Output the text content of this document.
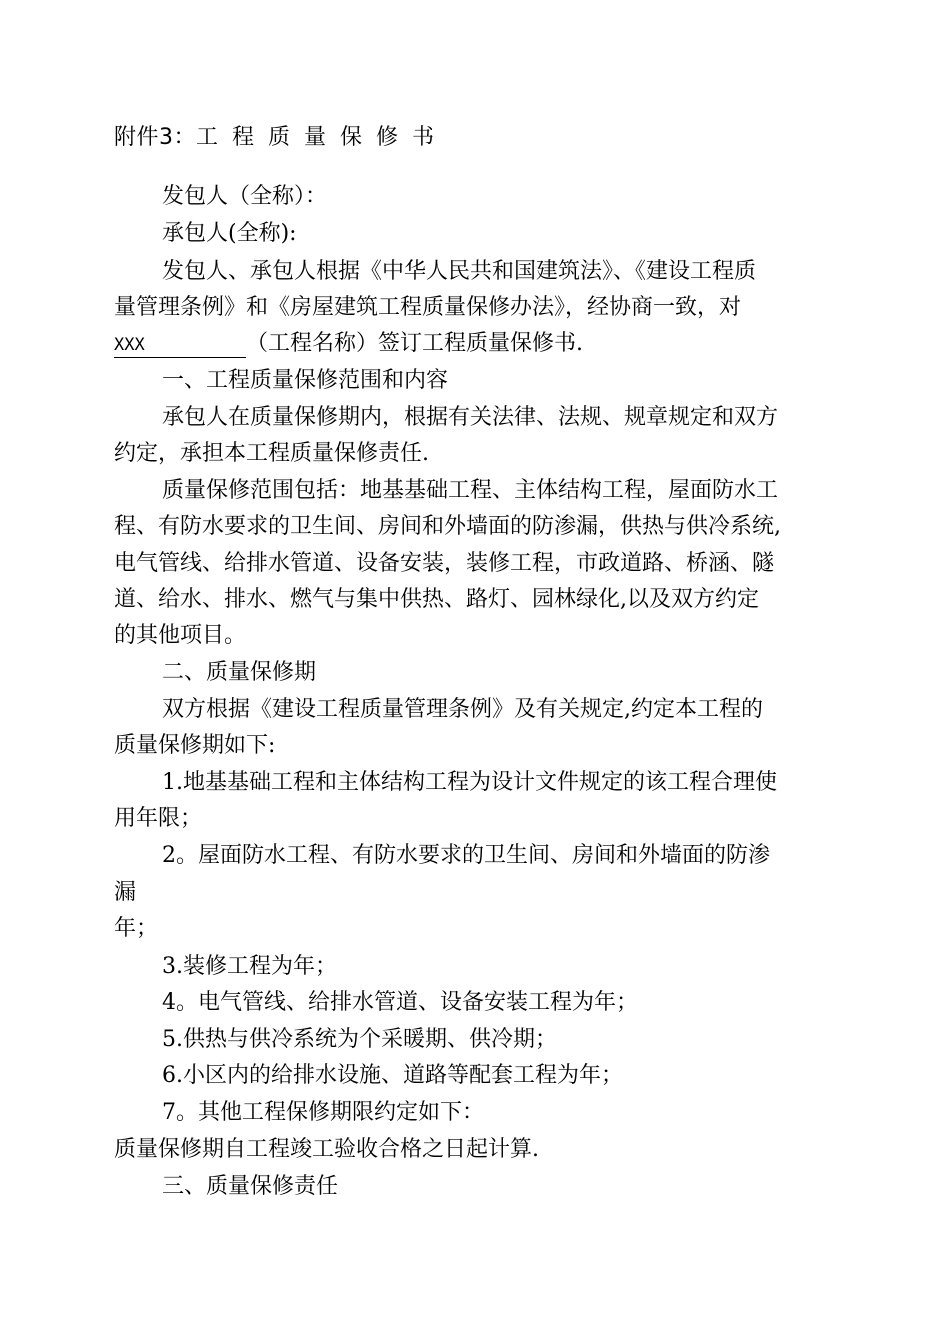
附件3：工程质量保修书
发包人（全称）：
承包人(全称):
发包人、承包人根据《中华人民共和国建筑法》、《建设工程质
量管理条例》和《房屋建筑工程质量保修办法》，经协商一致，对
XXX	（工程名称）签订工程质量保修书.
一、工程质量保修范围和内容
承包人在质量保修期内，根据有关法律、法规、规章规定和双方
约定，承担本工程质量保修责任.
质量保修范围包括：地基基础工程、主体结构工程，屋面防水工
程、有防水要求的卫生间、房间和外墙面的防渗漏，供热与供冷系统,
电气管线、给排水管道、设备安装，装修工程，市政道路、桥涵、隧
道、给水、排水、燃气与集中供热、路灯、园林绿化,以及双方约定
的其他项目。
二、质量保修期
双方根据《建设工程质量管理条例》及有关规定,约定本工程的
质量保修期如下:
1.地基基础工程和主体结构工程为设计文件规定的该工程合理使
用年限；
2。屋面防水工程、有防水要求的卫生间、房间和外墙面的防渗
漏
年；
3.装修工程为年；
4。电气管线、给排水管道、设备安装工程为年；
5.供热与供冷系统为个采暖期、供冷期；
6.小区内的给排水设施、道路等配套工程为年；
7。其他工程保修期限约定如下：
质量保修期自工程竣工验收合格之日起计算.
三、质量保修责任
